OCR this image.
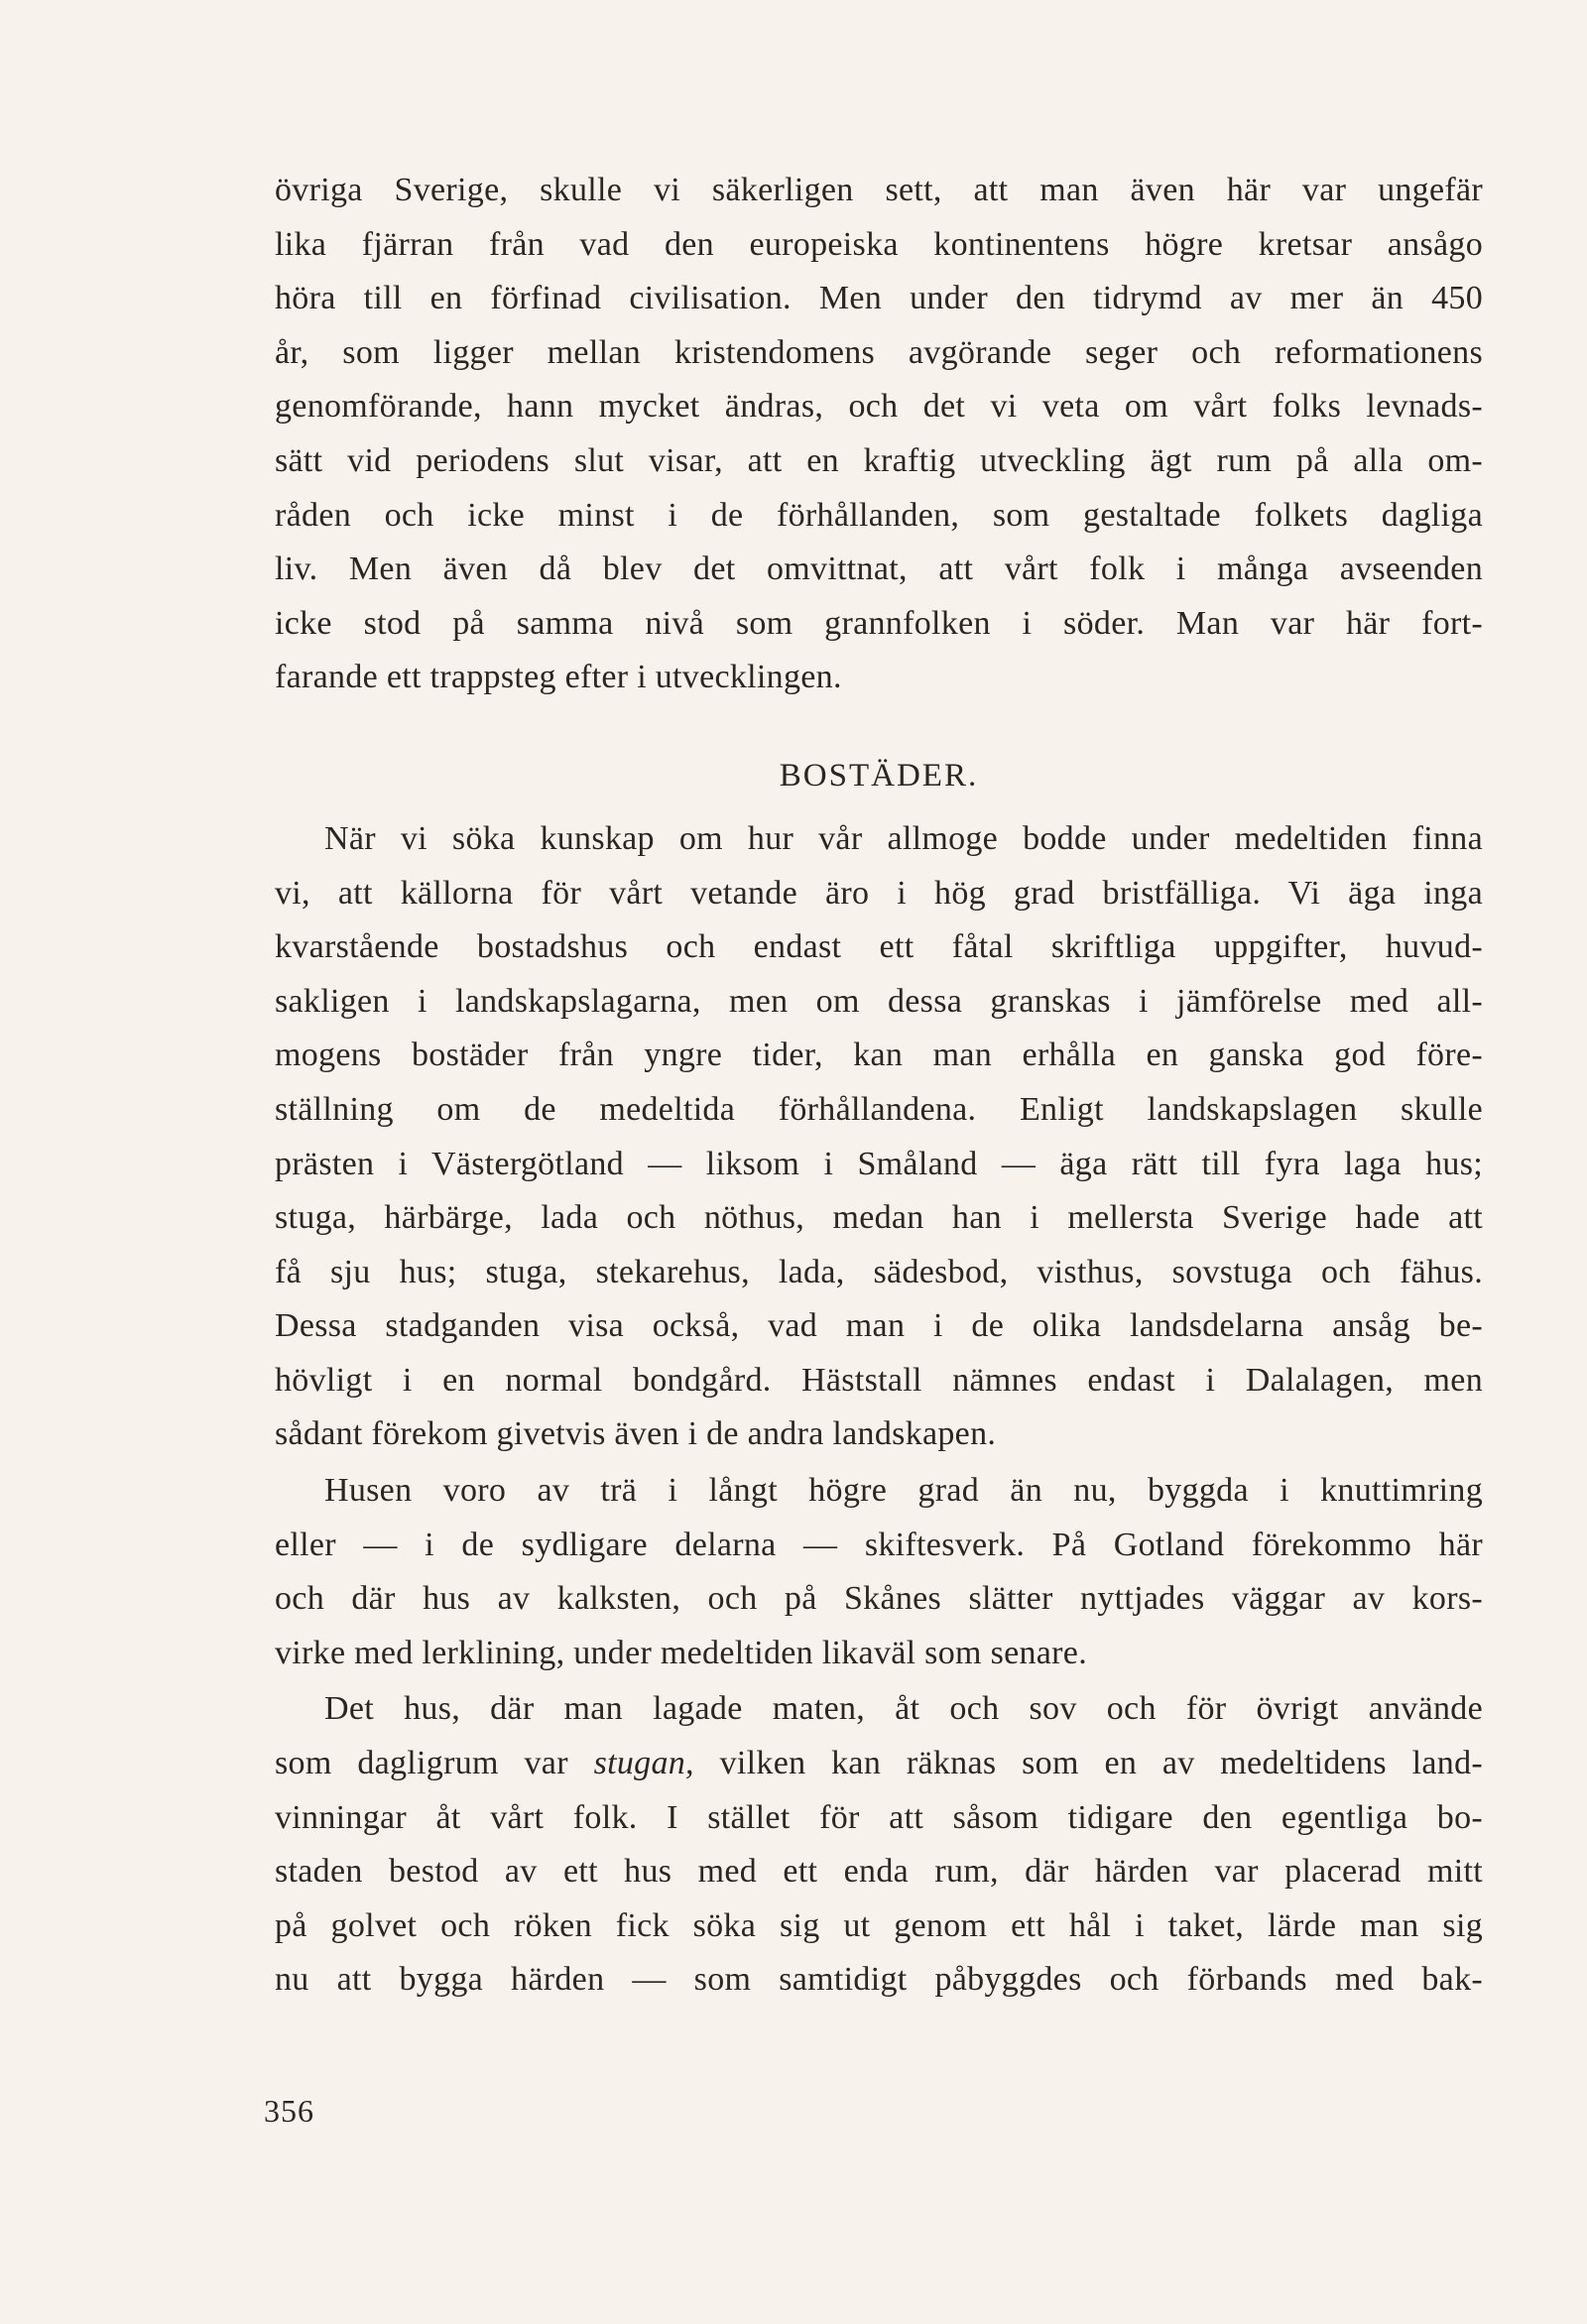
övriga Sverige, skulle vi säkerligen sett, att man även här var ungefär
lika fjärran från vad den europeiska kontinentens högre kretsar ansågo
höra till en förfinad civilisation. Men under den tidrymd av mer än 450
år, som ligger mellan kristendomens avgörande seger och reformationens
genomförande, hann mycket ändras, och det vi veta om vårt folks levnads-
sätt vid periodens slut visar, att en kraftig utveckling ägt rum på alla om-
råden och icke minst i de förhållanden, som gestaltade folkets dagliga
liv. Men även då blev det omvittnat, att vårt folk i många avseenden
icke stod på samma nivå som grannfolken i söder. Man var här fort-
farande ett trappsteg efter i utvecklingen.
BOSTÄDER.
När vi söka kunskap om hur vår allmoge bodde under medeltiden finna
vi, att källorna för vårt vetande äro i hög grad bristfälliga. Vi äga inga
kvarstående bostadshus och endast ett fåtal skriftliga uppgifter, huvud-
sakligen i landskapslagarna, men om dessa granskas i jämförelse med all-
mogens bostäder från yngre tider, kan man erhålla en ganska god före-
ställning om de medeltida förhållandena. Enligt landskapslagen skulle
prästen i Västergötland — liksom i Småland — äga rätt till fyra laga hus;
stuga, härbärge, lada och nöthus, medan han i mellersta Sverige hade att
få sju hus; stuga, stekarehus, lada, sädesbod, visthus, sovstuga och fähus.
Dessa stadganden visa också, vad man i de olika landsdelarna ansåg be-
hövligt i en normal bondgård. Häststall nämnes endast i Dalalagen, men
sådant förekom givetvis även i de andra landskapen.
Husen voro av trä i långt högre grad än nu, byggda i knuttimring
eller — i de sydligare delarna — skiftesverk. På Gotland förekommo här
och där hus av kalksten, och på Skånes slätter nyttjades väggar av kors-
virke med lerklining, under medeltiden likaväl som senare.
Det hus, där man lagade maten, åt och sov och för övrigt använde
som dagligrum var stugan, vilken kan räknas som en av medeltidens land-
vinningar åt vårt folk. I stället för att såsom tidigare den egentliga bo-
staden bestod av ett hus med ett enda rum, där härden var placerad mitt
på golvet och röken fick söka sig ut genom ett hål i taket, lärde man sig
nu att bygga härden — som samtidigt påbyggdes och förbands med bak-
356
